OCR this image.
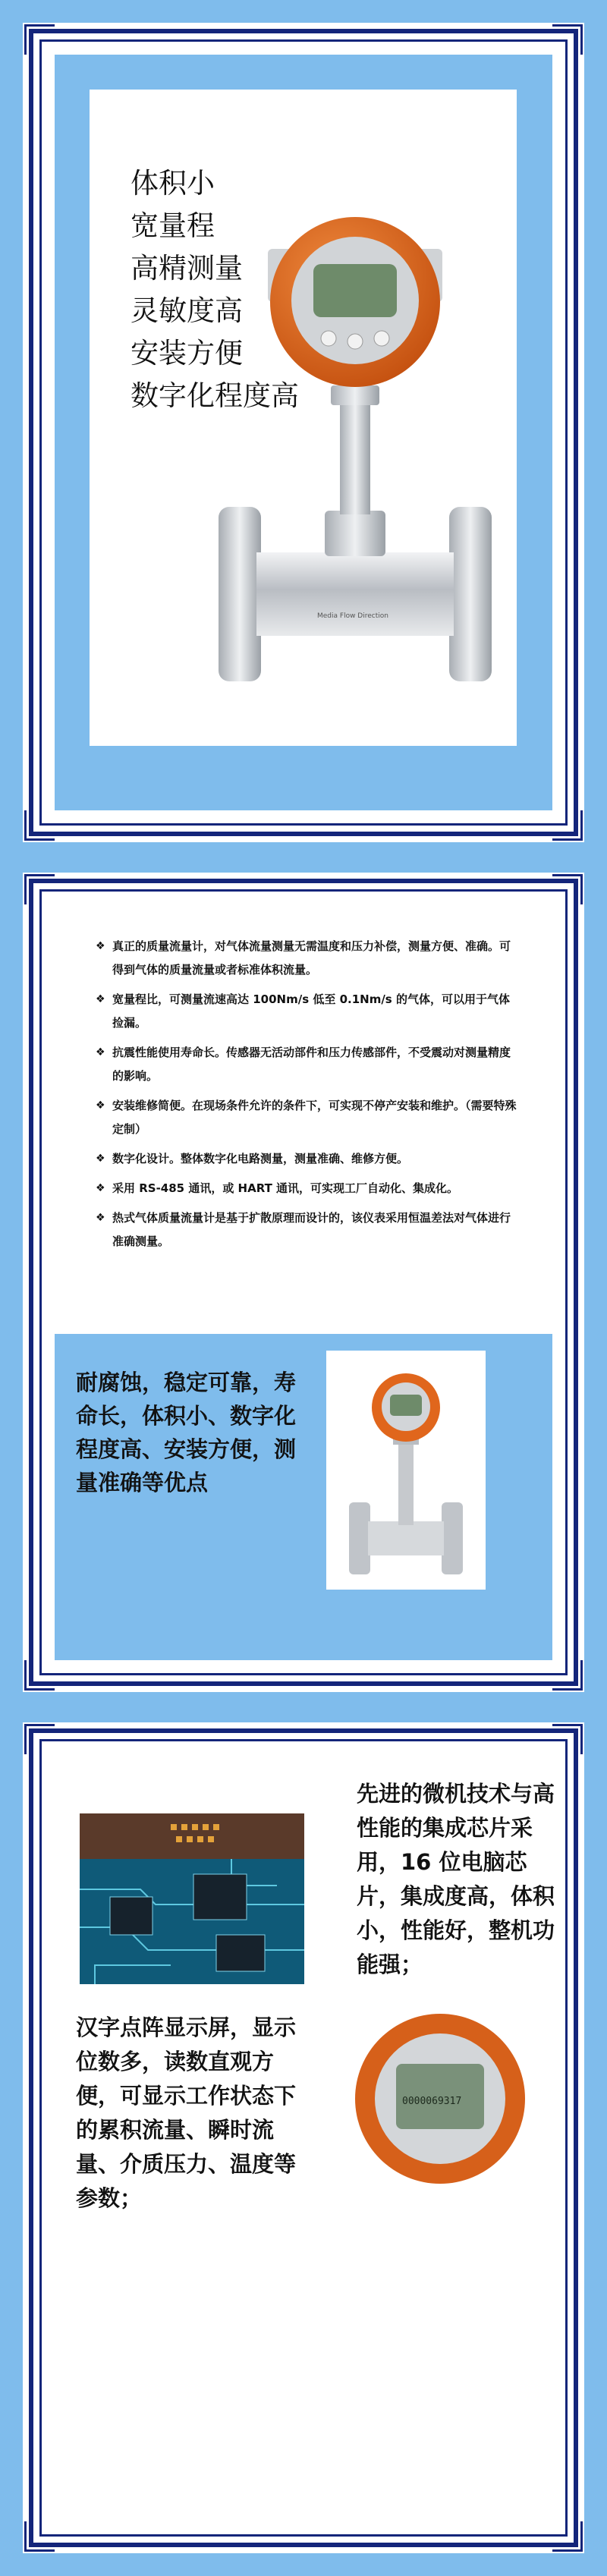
体积小
宽量程
高精测量
灵敏度高
安装方便
数字化程度高
Media Flow Direction
❖ 真正的质量流量计，对气体流量测量无需温度和压力补偿，测量方便、准确。可得到气体的质量流量或者标准体积流量。
❖ 宽量程比，可测量流速高达 100Nm/s 低至 0.1Nm/s 的气体，可以用于气体捡漏。
❖ 抗震性能使用寿命长。传感器无活动部件和压力传感部件，不受震动对测量精度的影响。
❖ 安装维修简便。在现场条件允许的条件下，可实现不停产安装和维护。（需要特殊定制）
❖ 数字化设计。整体数字化电路测量，测量准确、维修方便。
❖ 采用 RS-485 通讯，或 HART 通讯，可实现工厂自动化、集成化。
❖ 热式气体质量流量计是基于扩散原理而设计的，该仪表采用恒温差法对气体进行准确测量。
耐腐蚀，稳定可靠，寿命长，体积小、数字化程度高、安装方便，测量准确等优点
先进的微机技术与高性能的集成芯片采用，16 位电脑芯片，集成度高，体积小，性能好，整机功能强；
汉字点阵显示屏，显示位数多，读数直观方便，可显示工作状态下的累积流量、瞬时流量、介质压力、温度等参数；
0000069317
